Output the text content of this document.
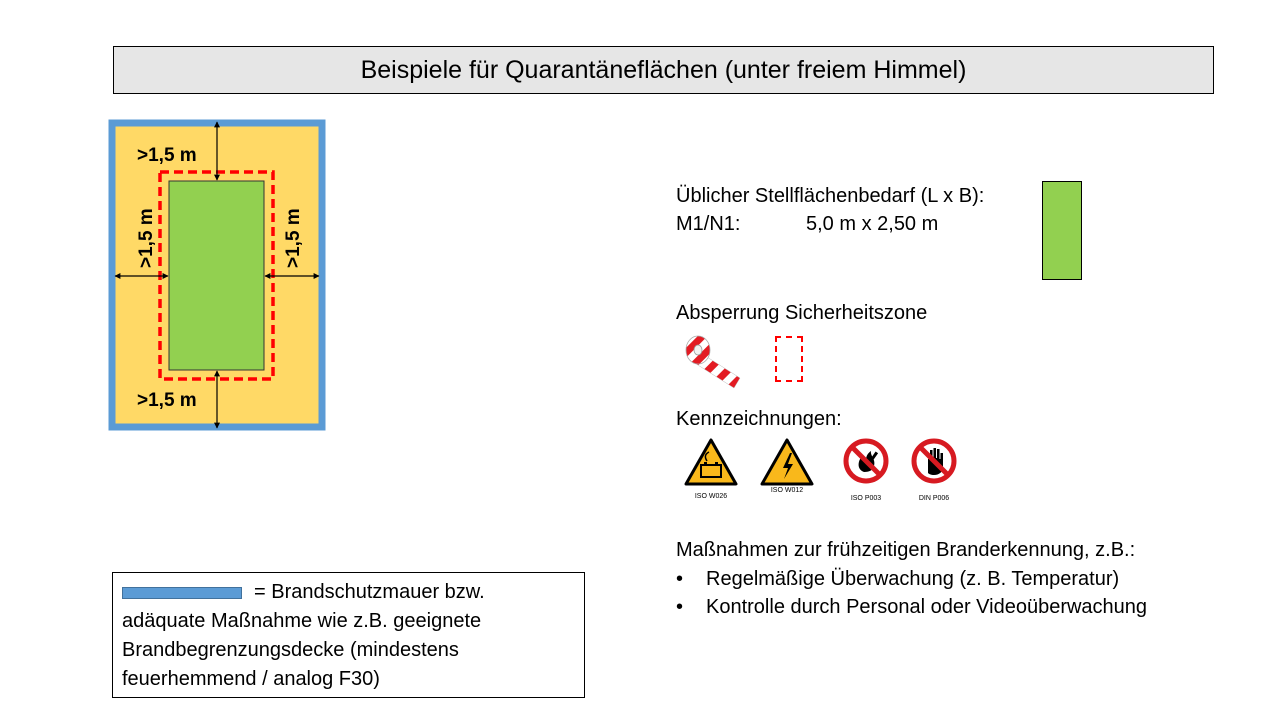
Beispiele für Quarantäneflächen (unter freiem Himmel)
>1,5 m
>1,5 m
>1,5 m	>1,5 m
Üblicher Stellflächenbedarf (L x B):
M1/N1:	5,0 m x 2,50 m
Absperrung Sicherheitszone
Kennzeichnungen:
ISO W026
ISO W012
ISO P003	DIN P006
Maßnahmen zur frühzeitigen Branderkennung, z.B.:
• Regelmäßige Überwachung (z. B. Temperatur)
• Kontrolle durch Personal oder Videoüberwachung
= Brandschutzmauer bzw.
adäquate Maßnahme wie z.B. geeignete
Brandbegrenzungsdecke (mindestens
feuerhemmend / analog F30)
